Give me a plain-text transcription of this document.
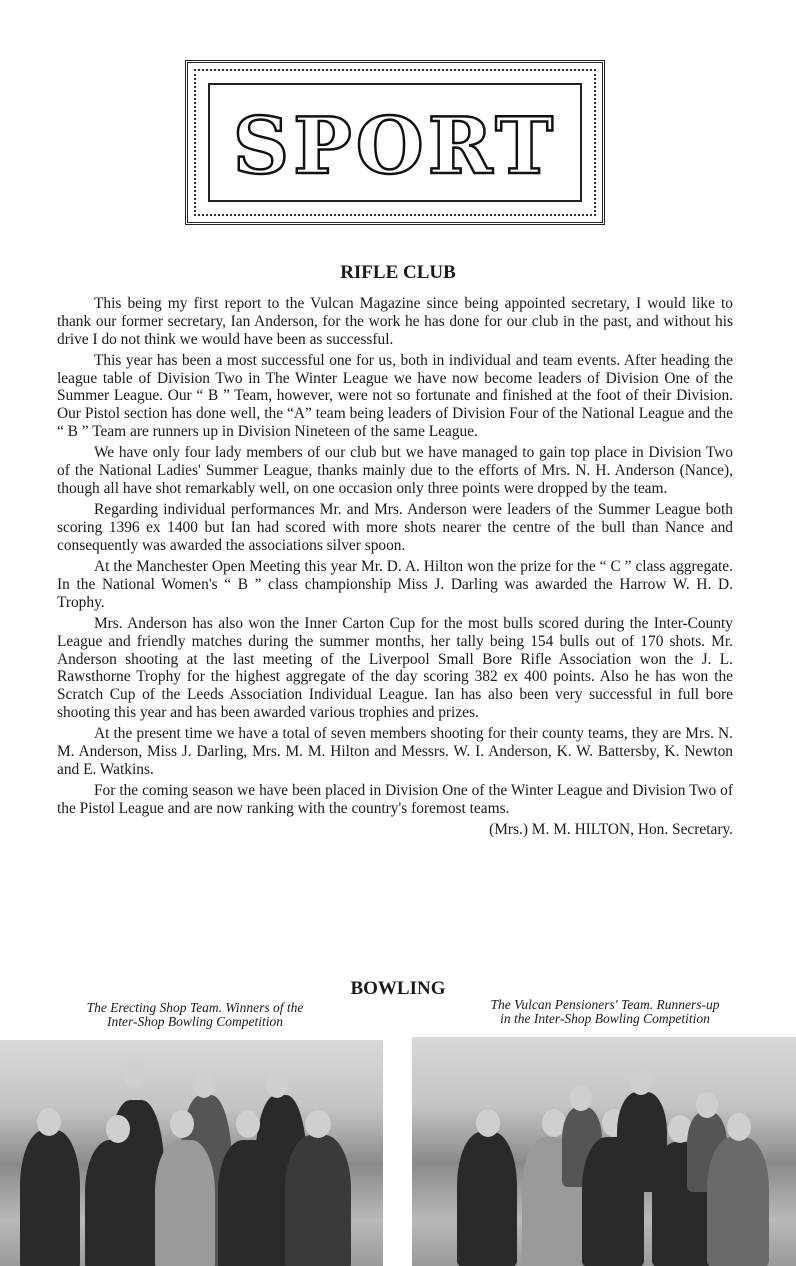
SPORT
RIFLE CLUB

This being my first report to the Vulcan Magazine since being appointed secretary, I would like to thank our former secretary, Ian Anderson, for the work he has done for our club in the past, and without his drive I do not think we would have been as successful.

This year has been a most successful one for us, both in individual and team events. After heading the league table of Division Two in The Winter League we have now become leaders of Division One of the Summer League. Our “ B ” Team, however, were not so fortunate and finished at the foot of their Division. Our Pistol section has done well, the “A” team being leaders of Division Four of the National League and the “ B ” Team are runners up in Division Nineteen of the same League.

We have only four lady members of our club but we have managed to gain top place in Division Two of the National Ladies' Summer League, thanks mainly due to the efforts of Mrs. N. H. Anderson (Nance), though all have shot remarkably well, on one occasion only three points were dropped by the team.

Regarding individual performances Mr. and Mrs. Anderson were leaders of the Summer League both scoring 1396 ex 1400 but Ian had scored with more shots nearer the centre of the bull than Nance and consequently was awarded the associations silver spoon.

At the Manchester Open Meeting this year Mr. D. A. Hilton won the prize for the “ C ” class aggregate. In the National Women's “ B ” class championship Miss J. Darling was awarded the Harrow W. H. D. Trophy.

Mrs. Anderson has also won the Inner Carton Cup for the most bulls scored during the Inter-County League and friendly matches during the summer months, her tally being 154 bulls out of 170 shots. Mr. Anderson shooting at the last meeting of the Liverpool Small Bore Rifle Association won the J. L. Rawsthorne Trophy for the highest aggregate of the day scoring 382 ex 400 points. Also he has won the Scratch Cup of the Leeds Association Individual League. Ian has also been very successful in full bore shooting this year and has been awarded various trophies and prizes.

At the present time we have a total of seven members shooting for their county teams, they are Mrs. N. M. Anderson, Miss J. Darling, Mrs. M. M. Hilton and Messrs. W. I. Anderson, K. W. Battersby, K. Newton and E. Watkins.

For the coming season we have been placed in Division One of the Winter League and Division Two of the Pistol League and are now ranking with the country's foremost teams.

(Mrs.) M. M. HILTON, Hon. Secretary.
BOWLING
The Erecting Shop Team. Winners of the
Inter-Shop Bowling Competition
The Vulcan Pensioners' Team. Runners-up
in the Inter-Shop Bowling Competition
